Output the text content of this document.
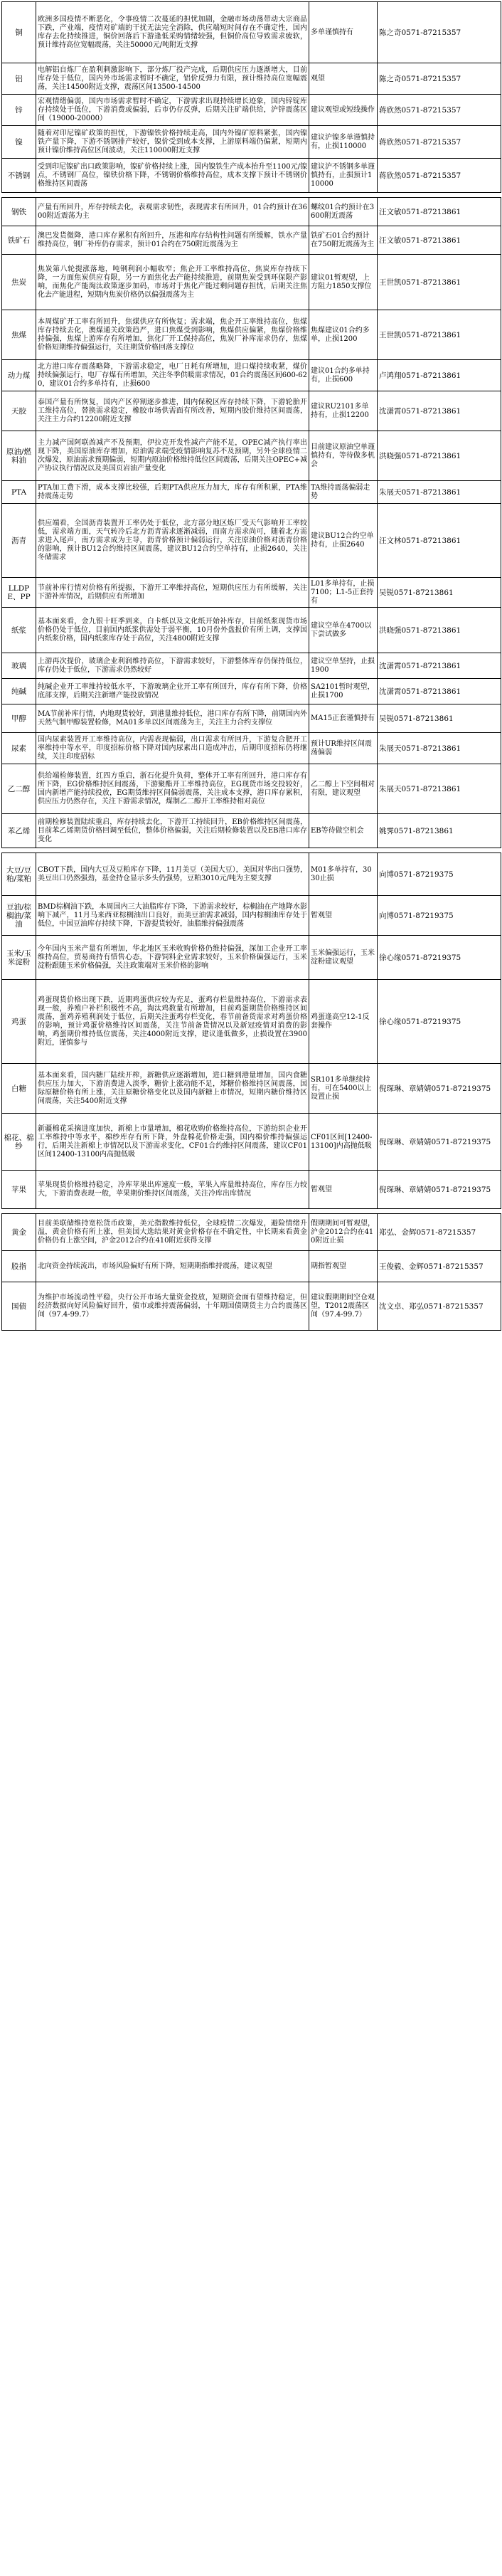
铜	欧洲多国疫情不断恶化，令事疫情二次蔓延的担忧加剧，金融市场动荡带动大宗商品下跌，产业端，疫情对矿端的干扰无法完全消除，供应端短时间存在不确定性，国内库存去化持续推进，铜价回落后下游逢低采购情绪较强，但铜价高位导致需求疲软，预计维持高位宽幅震荡，关注50000元/吨附近支撑	多单谨慎持有	陈之奇0571-87215357
铝	电解铝自炼厂在盈利刺激影响下，部分炼厂投产完成，后期供应压力逐渐增大，目前库存处于低位，国内外市场需求暂时不确定，铝价反弹力有限，预计维持高位宽幅震荡，关注14500附近支撑，震荡区间13500-14500	观望	陈之奇0571-87215357
锌	宏观情绪偏弱，国内市场需求暂时不确定，下游需求出现持续增长迹象，国内锌锭库存持续处于低位，下游消费或偏弱，后市仍存反弹，后期关注矿端供给，沪锌震荡区间（19000-20000）	建议观望或短线操作	蒋欣然0571-87215357
镍	随着对印尼镍矿政策的担忧，下游镍铁价格持续走高，国内外镍矿原料紧张，国内镍铁产量下降，下游不锈钢排产较好，镍价受到成本支撑，上游原料端仍偏紧，短期内预计镍价维持高位区间波动，关注110000附近支撑	建议沪镍多单谨慎持有，止损110000	蒋欣然0571-87215357
不锈钢	受到印尼镍矿出口政策影响，镍矿价格持续上涨，国内镍铁生产成本抬升至1100元/镍点，不锈钢厂高位，镍铁价格下降，不锈钢价格维持高位，成本支撑下预计不锈钢价格维持区间震荡	建议沪不锈钢多单谨慎持有，止损预计110000	蒋欣然0571-87215357

钢铁	产量有所回升，库存持续去化，表观需求韧性，表现需求有所回升，01合约预计在3600附近震荡为主	螺纹01合约预计在3600附近震荡	汪文敏0571-87213861
铁矿石	澳巴发货微降，港口库存累积有所回升，压港和库存结构性问题有所缓解，铁水产量维持高位，钢厂补库仍存需求，预计01合约在750附近震荡为主	铁矿石01合约预计在750附近震荡为主	汪文敏0571-87213861
焦炭	焦炭第八轮提涨落地，吨钢利润小幅收窄；焦企开工率维持高位，焦炭库存持续下降，一方面焦炭供应有限，另一方面焦化去产能持续推进，前期焦炭受到环保限产影响，而焦化产能淘汰政策逐步加码，市场对于焦化产能过剩问题存担忧，后期关注焦化去产能进程，短期内焦炭价格仍以偏强震荡为主	建议01暂观望，上方阻力1850支撑位	王世凯0571-87213861
焦煤	本周煤矿开工率有所回升，焦煤供应有所恢复；需求端，焦企开工率维持高位，焦煤库存持续去化，澳煤通关政策趋严，进口焦煤受到影响，焦煤供应偏紧，焦煤价格维持偏强，焦煤上游库存有所增加，焦化厂开工保持高位，焦炭厂补库需求仍存，焦煤价格短期维持偏强运行，关注期货价格回落支撑位	焦煤建议01合约多单，止损1200	王世凯0571-87213861
动力煤	北方港口库存震荡略降，下游需求稳定，电厂日耗有所增加，进口煤持续收紧，煤价持续偏强运行，电厂存煤有所增加，关注冬季供暖需求情况，01合约震荡区间600-620，建议01合约多单持有，止损600	建议01合约多单持有，止损600	卢鸿翔0571-87213861
天胶	泰国产量有所恢复，国内产区停割逐步推进，国内保税区库存持续下降，下游轮胎开工维持高位，替换需求稳定，橡胶市场供需面有所改善，短期内胶价维持区间震荡，关注主力合约12200附近支撑	建议RU2101多单持有，止损12200	沈潇霄0571-87213861
原油/燃料油	主力减产国阿联酋减产不及预期，伊拉克开发性减产产能不足，OPEC减产执行率出现下降，美国原油库存增加，原油需求端受疫情影响复苏不及预期，另外全球疫情二次爆发，原油需求预期偏弱，短期内原油价格维持低位区间震荡，后期关注OPEC+减产协议执行情况以及美国页岩油产量变化	目前建议原油空单谨慎持有，等待做多机会	洪晓强0571-87213861
PTA	PTA加工费下滑，成本支撑比较强，后期PTA供应压力加大，库存有所积累，PTA维持震荡走势	TA维持震荡偏弱走势	朱展天0571-87213861
沥青	供应端看，全国沥青装置开工率仍处于低位，北方部分地区炼厂受天气影响开工率较低，需求端方面，天气转冷后北方沥青需求逐渐减弱，而南方需求尚可，随着北方需求进入尾声，南方需求成为主导，沥青价格预计偏弱运行，关注原油价格对沥青价格的影响，预计BU12合约维持区间震荡，建议BU12合约空单持有，止损2640，关注冬储需求	建议BU12合约空单持有，止损2640	汪文林0571-87213861
LLDPE、PP	节前补库行情对价格有所提振，下游开工率维持高位，短期供应压力有所缓解，关注下游补库情况，后期供应有所增加	L01多单持有，止损7100；L1-5正套持有	吴锐0571-87213861
纸浆	基本面来看，金九银十旺季到来，白卡纸以及文化纸开始补库存，目前纸浆现货市场价格仍处于低位，目前国内纸浆供需处于弱平衡，10月份外盘报价有所上调，支撑国内纸浆价格，国内纸浆库存处于高位，关注4800附近支撑	建议空单在4700以下尝试做多	洪晓强0571-87213861
玻璃	上游再次提价，玻璃企业利润维持高位，下游需求较好，下游整体库存仍保持低位，库存仍处于低位，下游需求仍然较好	建议空单坚持，止损1900	沈潇霄0571-87213861
纯碱	纯碱企业开工率维持较低水平，下游玻璃企业开工率有所回升，库存有所下降，价格底部支撑，后期关注新增产能投放情况	SA2101暂时观望，止损1700	沈潇霄0571-87213861
甲醇	MA节前补库行情，内地现货较好，到港量维持低位，港口库存有所下降，前期国内外天然气制甲醇装置检修，MA01多单以区间震荡为主，关注主力合约支撑位	MA15正套谨慎持有	吴锐0571-87213861
尿素	国内尿素装置开工率维持高位，内需表现偏弱，出口需求有所回升，下游复合肥开工率维持中等水平，印度招标价格下降对国内尿素出口造成冲击，后期印度招标仍将继续，关注印度招标	预计UR维持区间震荡偏弱	朱展天0571-87213861
乙二醇	供给端检修装置，红四方重启，浙石化提升负荷，整体开工率有所回升，港口库存有所下降，EG价格维持区间震荡，下游聚酯开工率维持高位，EG现货市场交投较好，国内新增产能持续投放，EG期货维持区间偏弱震荡，关注成本支撑，港口库存累积，供应压力仍然存在，关注下游需求情况，煤制乙二醇开工率维持相对高位	乙二醇上下空间相对有限，建议观望	朱展天0571-87213861
苯乙烯	前期检修装置陆续重启，库存持续去化，下游开工持续回升，EB价格维持区间震荡，目前苯乙烯期货价格回调至低位，整体价格偏弱，关注后期检修装置以及EB港口库存变化	EB等待做空机会	姚霁0571-87213861

大豆/豆粕/菜粕	CBOT下跌，国内大豆及豆粕库存下降，11月美豆（美国大豆），美国对华出口强势，美豆出口仍然强劲，基金持仓显示多头仍强势，豆粕3010元/吨为主要支撑	M01多单持有，3030止损	向博0571-87219375
豆油/棕榈油/菜油	BMD棕榈油下跌，本周国内三大油脂库存下降，下游需求较好，棕榈油在产地降水影响下减产，11月马来西亚棕榈油出口良好，而美豆油需求减弱，国内棕榈油库存处于低位，中国豆油库存持续下降，下游提货较好，油脂维持偏强震荡	暂观望	向博0571-87219375
玉米/玉米淀粉	今年国内玉米产量有所增加，华北地区玉米收购价格仍维持偏强，深加工企业开工率维持高位，贸易商持有惜售心态，下游饲料企业需求较好，玉米价格偏强运行，玉米淀粉跟随玉米价格偏强，关注政策端对玉米价格的影响	玉米偏强运行，玉米淀粉建议观望	徐心缘0571-87219375
鸡蛋	鸡蛋现货价格出现下跌，近期鸡蛋供应较为充足，蛋鸡存栏量维持高位，下游需求表现一般，养殖户补栏积极性不高，淘汰鸡数量有所增加，目前鸡蛋期货价格维持区间震荡，蛋鸡养殖利润处于低位，后期关注蛋鸡存栏变化，春节前备货需求对鸡蛋价格的影响，预计鸡蛋价格维持区间震荡，关注节前备货情况以及新冠疫情对消费的影响，鸡蛋期价维持低位震荡，关注4000附近支撑，建议逢低做多，止损设置在3900附近，谨慎参与	鸡蛋逢高空12-1反套操作	徐心缘0571-87219375
白糖	基本面来看，国内糖厂陆续开榨，新糖供应逐渐增加，进口糖到港量增加，国内食糖供应压力加大，下游消费进入淡季，糖价上涨动能不足，郑糖价格维持区间震荡，国际原糖价格有所上涨，关注原糖价格变化以及国内新糖上市情况，短期内糖价维持区间震荡，关注5400附近支撑	SR101多单继续持有，可在5400以上设置止损	倪琛琳、章婧婧0571-87219375
棉花、棉纱	新疆棉花采摘进度加快，新棉上市量增加，棉花收购价格维持高位，下游纺织企业开工率维持中等水平，棉纱库存有所下降，外盘棉花价格走强，国内棉价维持偏强运行，后期关注新棉上市情况以及下游需求变化，CF01合约维持区间震荡，建议CF01区间12400-13100内高抛低吸	CF01区间[12400-13100]内高抛低吸	倪琛琳、章婧婧0571-87219375
苹果	苹果现货价格维持稳定，冷库苹果出库速度一般，苹果入库量维持高位，库存压力较大，下游消费表现一般，苹果期价维持区间震荡，关注冷库出库情况	暂观望	倪琛琳、章婧婧0571-87219375

黄金	目前美联储维持宽松货币政策，美元指数维持低位，全球疫情二次爆发，避险情绪升温，黄金价格有所上涨，但美国大选结果对黄金价格存在不确定性，中长期来看黄金价格仍有上涨空间，沪金2012合约在410附近获得支撑	假期期间可暂观望，沪金2012合约在410附近止损	郑弘、金辉0571-87215357
股指	北向资金持续流出，市场风险偏好有所下降，短期期指维持震荡，建议观望	期指暂观望	王俊毅、金辉0571-87215357
国债	为维护市场流动性平稳，央行公开市场大量资金投放，短期资金面有望维持稳定，但经济数据向好风险偏好回升，债市或维持震荡偏弱，十年期国债期货主力合约震荡区间（97.4-99.7）	建议假期期间空仓观望，T2012震荡区间（97.4-99.7）	沈文卓、郑弘0571-87215357
